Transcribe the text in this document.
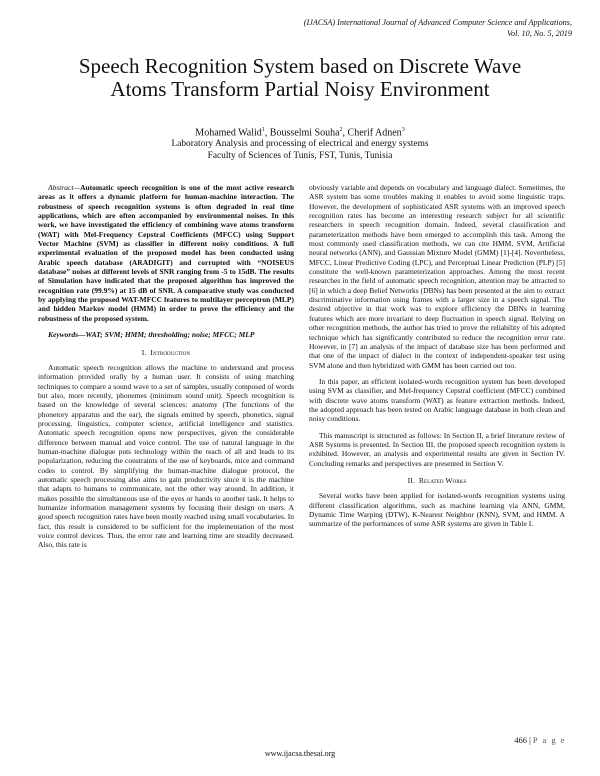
(IJACSA) International Journal of Advanced Computer Science and Applications,
Vol. 10, No. 5, 2019
Speech Recognition System based on Discrete Wave
Atoms Transform Partial Noisy Environment
Mohamed Walid$^1$, Bousselmi Souha$^2$, Cherif Adnen$^3$
Laboratory Analysis and processing of electrical and energy systems
Faculty of Sciences of Tunis, FST, Tunis, Tunisia

Abstract—Automatic speech recognition is one of the most active research areas as it offers a dynamic platform for human-machine interaction. The robustness of speech recognition systems is often degraded in real time applications, which are often accompanied by environmental noises. In this work, we have investigated the efficiency of combining wave atoms transform (WAT) with Mel-Frequency Cepstral Coefficients (MFCC) using Support Vector Machine (SVM) as classifier in different noisy conditions. A full experimental evaluation of the proposed model has been conducted using Arabic speech database (ARADIGIT) and corrupted with “NOISEUS database” noises at different levels of SNR ranging from -5 to 15dB. The results of Simulation have indicated that the proposed algorithm has improved the recognition rate (99.9%) at 15 dB of SNR. A comparative study was conducted by applying the proposed WAT-MFCC features to multilayer perceptron (MLP) and hidden Markov model (HMM) in order to prove the efficiency and the robustness of the proposed system.

Keywords—WAT; SVM; HMM; thresholding; noise; MFCC; MLP

I. Introduction

Automatic speech recognition allows the machine to understand and process information provided orally by a human user. It consists of using matching techniques to compare a sound wave to a set of samples, usually composed of words but also, more recently, phonemes (minimum sound unit). Speech recognition is based on the knowledge of several sciences: anatomy (The functions of the phonetory apparatus and the ear), the signals emitted by speech, phonetics, signal processing, linguistics, computer science, artificial intelligence and statistics. Automatic speech recognition opens new perspectives, given the considerable difference between manual and voice control. The use of natural language in the human-machine dialogue puts technology within the reach of all and leads to its popularization, reducing the constraints of the use of keyboards, mice and command codes to control. By simplifying the human-machine dialogue protocol, the automatic speech processing also aims to gain productivity since it is the machine that adapts to humans to communicate, not the other way around. In addition, it makes possible the simultaneous use of the eyes or hands to another task. It helps to humanize information management systems by focusing their design on users. A good speech recognition rates have been mostly reached using small vocabularies. In fact, this result is considered to be sufficient for the implementation of the most voice control devices. Thus, the error rate and learning time are steadily decreased. Also, this rate is

obviously variable and depends on vocabulary and language dialect. Sometimes, the ASR system has some troubles making it enables to avoid some linguistic traps. However, the development of sophisticated ASR systems with an improved speech recognition rates has become an interesting research subject for all scientific researchers in speech recognition domain. Indeed, several classification and parameterization methods have been emerged to accomplish this task. Among the most commonly used classification methods, we can cite HMM, SVM, Artificial neural networks (ANN), and Gaussian Mixture Model (GMM) [1]-[4]. Nevertheless, MFCC, Linear Predictive Coding (LPC), and Perceptual Linear Prediction (PLP) [5] constitute the well-known parameterization approaches. Among the most recent researches in the field of automatic speech recognition, attention may be attracted to [6] in which a deep Belief Networks (DBNs) has been presented at the aim to extract discriminative information using frames with a larger size in a speech signal. The desired objective in that work was to explore efficiency the DBNs in learning features which are more invariant to deep fluctuation in speech signal. Relying on other recognition methods, the author has tried to prove the reliability of his adopted technique which has significantly contributed to reduce the recognition error rate. However, in [7] an analysis of the impact of database size has been performed and that one of the impact of dialect in the context of independent-speaker test using SVM alone and then hybridized with GMM has been carried out too.

In this paper, an efficient isolated-words recognition system has been developed using SVM as classifier, and Mel-frequency Cepstral coefficient (MFCC) combined with discrete wave atoms transform (WAT) as feature extraction methods. Indeed, the adopted approach has been tested on Arabic language database in both clean and noisy conditions.

This manuscript is structured as follows: In Section II, a brief literature review of ASR Systems is presented. In Section III, the proposed speech recognition system is exhibited. However, an analysis and experimental results are given in Section IV. Concluding remarks and perspectives are presented in Section V.

II. Related Works

Several works have been applied for isolated-words recognition systems using different classification algorithms, such as machine learning via ANN, GMM, Dynamic Time Warping (DTW), K-Nearest Neighbor (KNN), SVM, and HMM. A summarize of the performances of some ASR systems are given in Table I.

466 | P a g e
www.ijacsa.thesai.org
